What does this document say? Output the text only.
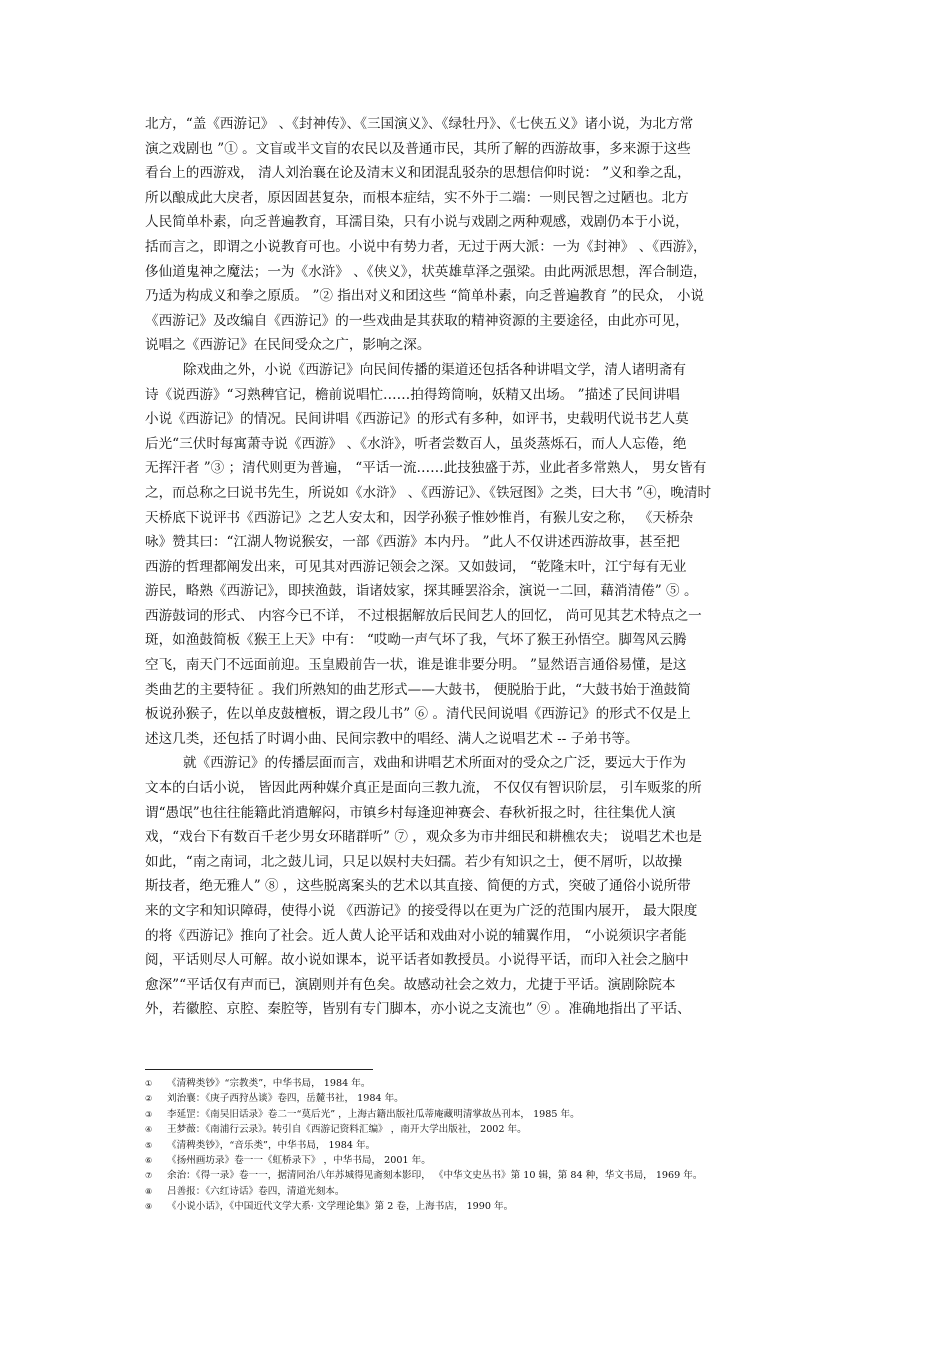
北方，“盖《西游记》 、《封神传》、《三国演义》、《绿牡丹》、《七侠五义》诸小说，为北方常
演之戏剧也 ”① 。文盲或半文盲的农民以及普通市民，其所了解的西游故事，多来源于这些
看台上的西游戏， 清人刘治襄在论及清末义和团混乱驳杂的思想信仰时说： ”义和拳之乱，
所以酿成此大戾者，原因固甚复杂，而根本症结，实不外于二端：一则民智之过陋也。北方
人民简单朴素，向乏普遍教育，耳濡目染，只有小说与戏剧之两种观感，戏剧仍本于小说，
括而言之，即谓之小说教育可也。小说中有势力者，无过于两大派：一为《封神》 、《西游》，
侈仙道鬼神之魔法；一为《水浒》 、《侠义》，状英雄草泽之强梁。由此两派思想，浑合制造，
乃适为构成义和拳之原质。 ”② 指出对义和团这些 “简单朴素，向乏普遍教育 ”的民众， 小说
《西游记》及改编自《西游记》的一些戏曲是其获取的精神资源的主要途径，由此亦可见，
说唱之《西游记》在民间受众之广，影响之深。
除戏曲之外，小说《西游记》向民间传播的渠道还包括各种讲唱文学，清人诸明斋有
诗《说西游》“习熟稗官记，檐前说唱忙……拍得筠筒响，妖精又出场。 ”描述了民间讲唱
小说《西游记》的情况。民间讲唱《西游记》的形式有多种，如评书，史载明代说书艺人莫
后光“三伏时每寓萧寺说《西游》 、《水浒》，听者尝数百人，虽炎蒸烁石，而人人忘倦，绝
无挥汗者 ”③ ；清代则更为普遍， “平话一流……此技独盛于苏，业此者多常熟人， 男女皆有
之，而总称之曰说书先生，所说如《水浒》 、《西游记》、《铁冠图》之类，曰大书 ”④，晚清时
天桥底下说评书《西游记》之艺人安太和，因学孙猴子惟妙惟肖，有猴儿安之称， 《天桥杂
咏》赞其曰：“江湖人物说猴安，一部《西游》本内丹。 ”此人不仅讲述西游故事，甚至把
西游的哲理都阐发出来，可见其对西游记领会之深。又如鼓词， “乾隆末叶，江宁每有无业
游民，略熟《西游记》，即挟渔鼓，诣诸妓家，探其睡罢浴余，演说一二回，藉消清倦” ⑤ 。
西游鼓词的形式、 内容今已不详， 不过根据解放后民间艺人的回忆， 尚可见其艺术特点之一
斑，如渔鼓简板《猴王上天》中有： “哎呦一声气坏了我，气坏了猴王孙悟空。脚驾风云腾
空飞，南天门不远面前迎。玉皇殿前告一状，谁是谁非要分明。 ”显然语言通俗易懂，是这
类曲艺的主要特征 。我们所熟知的曲艺形式——大鼓书， 便脱胎于此，“大鼓书始于渔鼓简
板说孙猴子，佐以单皮鼓檀板，谓之段儿书” ⑥ 。清代民间说唱《西游记》的形式不仅是上
述这几类，还包括了时调小曲、民间宗教中的唱经、满人之说唱艺术 -- 子弟书等。
就《西游记》的传播层面而言，戏曲和讲唱艺术所面对的受众之广泛，要远大于作为
文本的白话小说， 皆因此两种媒介真正是面向三教九流， 不仅仅有智识阶层， 引车贩浆的所
谓“愚氓”也往往能籍此消遣解闷，市镇乡村每逢迎神赛会、春秋祈报之时，往往集优人演
戏，“戏台下有数百千老少男女环睹群听” ⑦ ，观众多为市井细民和耕樵农夫； 说唱艺术也是
如此，“南之南词，北之鼓儿词，只足以娱村夫妇孺。若少有知识之士，便不屑听，以故操
斯技者，绝无雅人” ⑧ ，这些脱离案头的艺术以其直接、简便的方式，突破了通俗小说所带
来的文字和知识障碍，使得小说 《西游记》的接受得以在更为广泛的范围内展开， 最大限度
的将《西游记》推向了社会。近人黄人论平话和戏曲对小说的辅翼作用， “小说须识字者能
阅，平话则尽人可解。故小说如课本，说平话者如教授员。小说得平话，而印入社会之脑中
愈深”“平话仅有声而已，演剧则并有色矣。故感动社会之效力，尤捷于平话。演剧除院本
外，若徽腔、京腔、秦腔等，皆别有专门脚本，亦小说之支流也” ⑨ 。准确地指出了平话、
① 《清稗类钞》“宗教类”，中华书局， 1984 年。
② 刘治襄：《庚子西狩丛谈》卷四，岳麓书社， 1984 年。
③ 李延罡：《南吴旧话录》卷二一“莫后光” ，上海古籍出版社瓜蒂庵藏明清掌故丛刊本， 1985 年。
④ 王梦薇：《南浦行云录》。转引自《西游记资料汇编》 ，南开大学出版社， 2002 年。
⑤ 《清稗类钞》，“音乐类”，中华书局， 1984 年。
⑥ 《扬州画坊录》卷一一《虹桥录下》 ，中华书局， 2001 年。
⑦ 余治：《得一录》卷一一，据清同治八年苏城得见斋刻本影印， 《中华文史丛书》第 10 辑，第 84 种，华文书局， 1969 年。
⑧ 吕善报：《六红诗话》卷四，清道光刻本。
⑨ 《小说小话》，《中国近代文学大系· 文学理论集》第 2 卷，上海书店， 1990 年。
